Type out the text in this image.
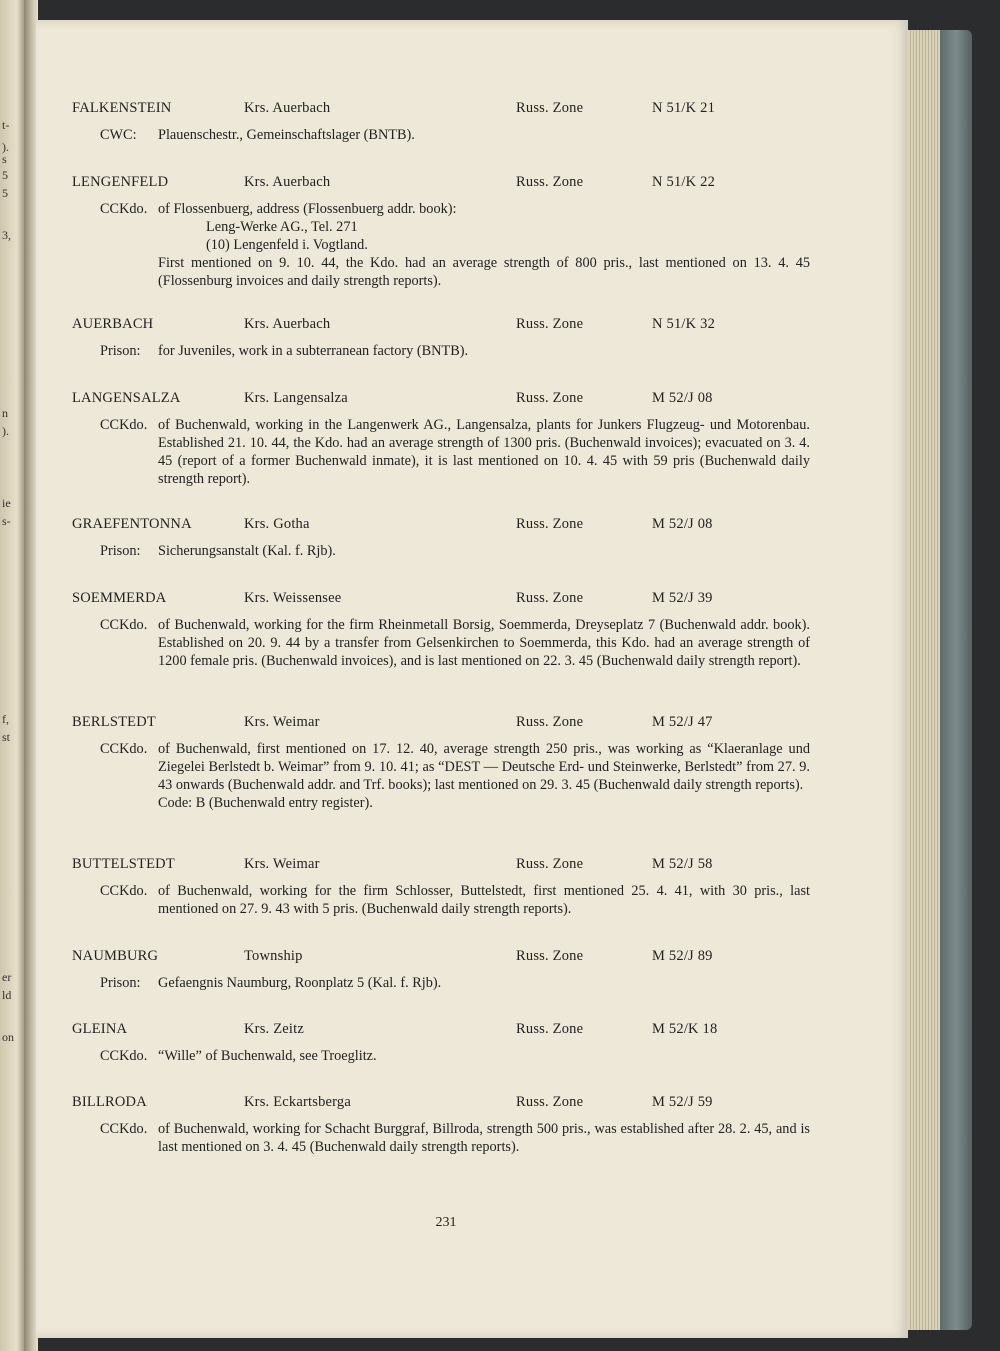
t-
).
s
5
5
3,
n
).
ie
s-
f,
st
er
ld
on
FALKENSTEIN	Krs. Auerbach	Russ. Zone	N 51/K 21
CWC: Plauenschestr., Gemeinschaftslager (BNTB).
LENGENFELD	Krs. Auerbach	Russ. Zone	N 51/K 22
CCKdo. of Flossenbuerg, address (Flossenbuerg addr. book):
Leng-Werke AG., Tel. 271
(10) Lengenfeld i. Vogtland.
First mentioned on 9. 10. 44, the Kdo. had an average strength of 800 pris., last mentioned on 13. 4. 45 (Flossenburg invoices and daily strength reports).
AUERBACH	Krs. Auerbach	Russ. Zone	N 51/K 32
Prison: for Juveniles, work in a subterranean factory (BNTB).
LANGENSALZA	Krs. Langensalza	Russ. Zone	M 52/J 08
CCKdo. of Buchenwald, working in the Langenwerk AG., Langensalza, plants for Junkers Flugzeug- und Motorenbau. Established 21. 10. 44, the Kdo. had an average strength of 1300 pris. (Buchenwald invoices); evacuated on 3. 4. 45 (report of a former Buchenwald inmate), it is last mentioned on 10. 4. 45 with 59 pris (Buchenwald daily strength report).
GRAEFENTONNA	Krs. Gotha	Russ. Zone	M 52/J 08
Prison: Sicherungsanstalt (Kal. f. Rjb).
SOEMMERDA	Krs. Weissensee	Russ. Zone	M 52/J 39
CCKdo. of Buchenwald, working for the firm Rheinmetall Borsig, Soemmerda, Dreyseplatz 7 (Buchenwald addr. book). Established on 20. 9. 44 by a transfer from Gelsenkirchen to Soemmerda, this Kdo. had an average strength of 1200 female pris. (Buchenwald invoices), and is last mentioned on 22. 3. 45 (Buchenwald daily strength report).
BERLSTEDT	Krs. Weimar	Russ. Zone	M 52/J 47
CCKdo. of Buchenwald, first mentioned on 17. 12. 40, average strength 250 pris., was working as “Klaeranlage und Ziegelei Berlstedt b. Weimar” from 9. 10. 41; as “DEST — Deutsche Erd- und Steinwerke, Berlstedt” from 27. 9. 43 onwards (Buchenwald addr. and Trf. books); last mentioned on 29. 3. 45 (Buchenwald daily strength reports).
Code: B (Buchenwald entry register).
BUTTELSTEDT	Krs. Weimar	Russ. Zone	M 52/J 58
CCKdo. of Buchenwald, working for the firm Schlosser, Buttelstedt, first mentioned 25. 4. 41, with 30 pris., last mentioned on 27. 9. 43 with 5 pris. (Buchenwald daily strength reports).
NAUMBURG	Township	Russ. Zone	M 52/J 89
Prison: Gefaengnis Naumburg, Roonplatz 5 (Kal. f. Rjb).
GLEINA	Krs. Zeitz	Russ. Zone	M 52/K 18
CCKdo. “Wille” of Buchenwald, see Troeglitz.
BILLRODA	Krs. Eckartsberga	Russ. Zone	M 52/J 59
CCKdo. of Buchenwald, working for Schacht Burggraf, Billroda, strength 500 pris., was established after 28. 2. 45, and is last mentioned on 3. 4. 45 (Buchenwald daily strength reports).
231
